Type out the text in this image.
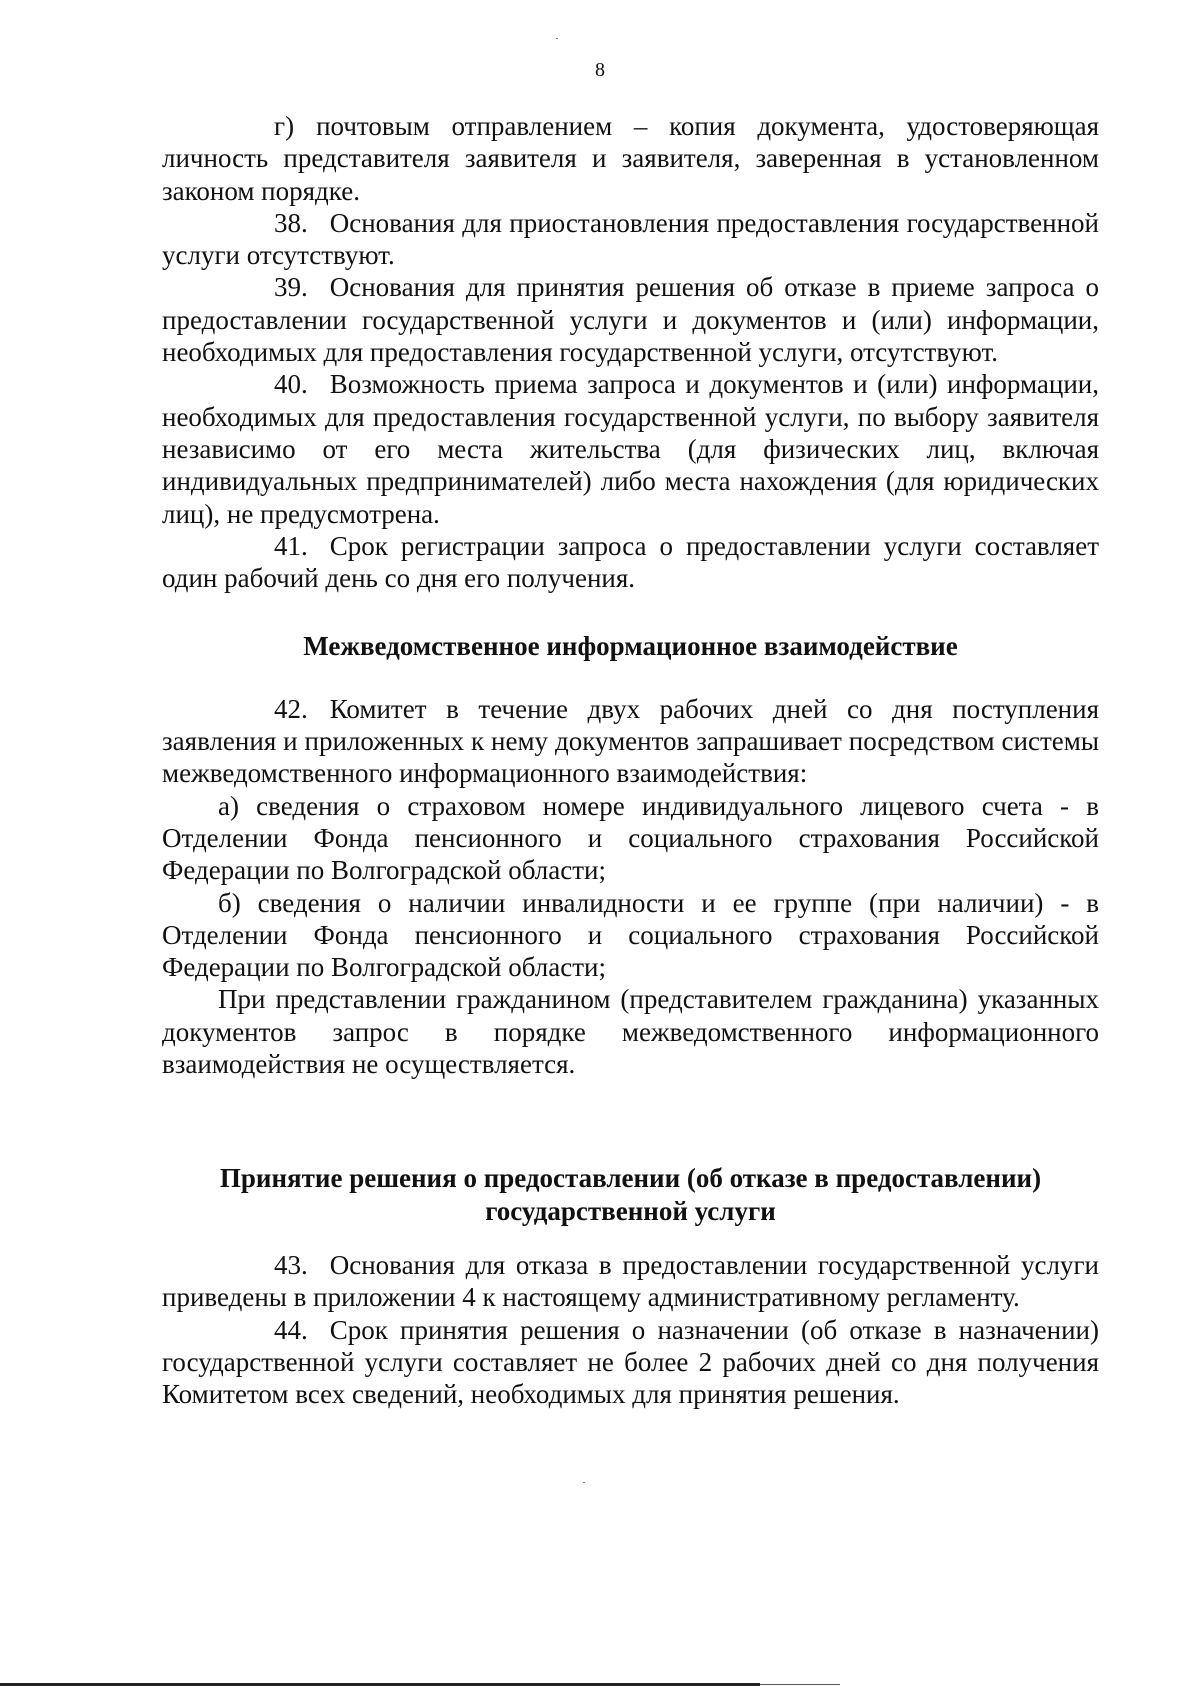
8

г) почтовым отправлением – копия документа, удостоверяющая личность представителя заявителя и заявителя, заверенная в установленном законом порядке.

38. Основания для приостановления предоставления государственной услуги отсутствуют.

39. Основания для принятия решения об отказе в приеме запроса о предоставлении государственной услуги и документов и (или) информации, необходимых для предоставления государственной услуги, отсутствуют.

40. Возможность приема запроса и документов и (или) информации, необходимых для предоставления государственной услуги, по выбору заявителя независимо от его места жительства (для физических лиц, включая индивидуальных предпринимателей) либо места нахождения (для юридических лиц), не предусмотрена.

41. Срок регистрации запроса о предоставлении услуги составляет один рабочий день со дня его получения.

Межведомственное информационное взаимодействие

42. Комитет в течение двух рабочих дней со дня поступления заявления и приложенных к нему документов запрашивает посредством системы межведомственного информационного взаимодействия:

а) сведения о страховом номере индивидуального лицевого счета - в Отделении Фонда пенсионного и социального страхования Российской Федерации по Волгоградской области;

б) сведения о наличии инвалидности и ее группе (при наличии) - в Отделении Фонда пенсионного и социального страхования Российской Федерации по Волгоградской области;

При представлении гражданином (представителем гражданина) указанных документов запрос в порядке межведомственного информационного взаимодействия не осуществляется.

Принятие решения о предоставлении (об отказе в предоставлении)
государственной услуги

43. Основания для отказа в предоставлении государственной услуги приведены в приложении 4 к настоящему административному регламенту.

44. Срок принятия решения о назначении (об отказе в назначении) государственной услуги составляет не более 2 рабочих дней со дня получения Комитетом всех сведений, необходимых для принятия решения.
